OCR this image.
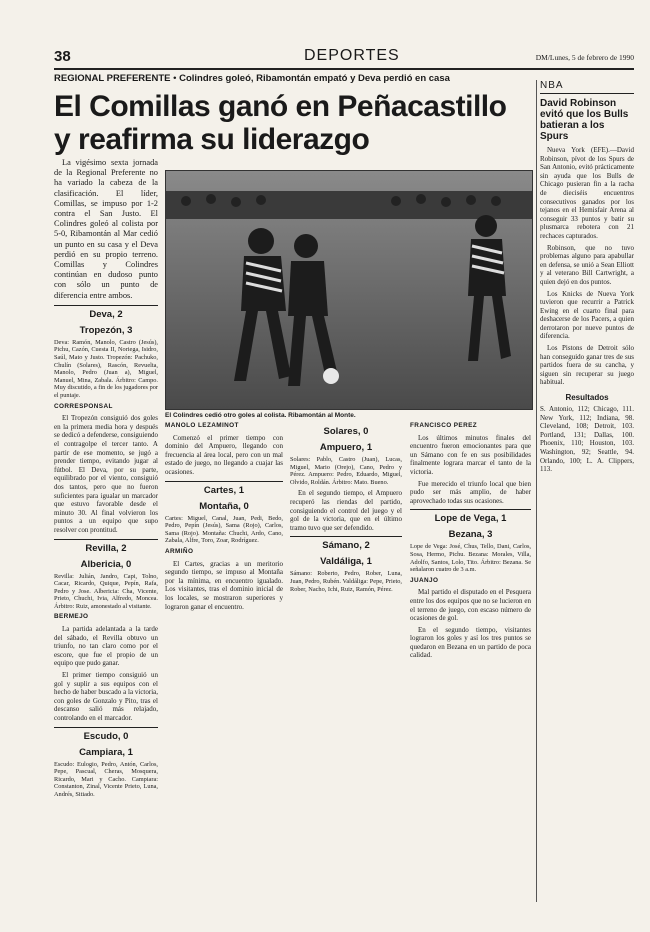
38	DEPORTES	DM/Lunes, 5 de febrero de 1990
REGIONAL PREFERENTE • Colindres goleó, Ribamontán empató y Deva perdió en casa
El Comillas ganó en Peñacastillo y reafirma su liderazgo

La vigésimo sexta jornada de la Regional Preferente no ha variado la cabeza de la clasificación. El líder, Comillas, se impuso por 1-2 contra el San Justo. El Colindres goleó al colista por 5-0, Ribamontán al Mar cedió un punto en su casa y el Deva perdió en su propio terreno. Comillas y Colindres continúan en dudoso punto con sólo un punto de diferencia entre ambos.

Deva, 2
Tropezón, 3

Deva: Ramón, Manolo, Castro (Jesús), Pichu, Cazón, Cuesta II, Noriega, Isidro, Saúl, Mato y Justo. Tropezón: Pachuko, Chulín (Solares), Rascón, Revuelta, Manolo, Pedro (Juan a), Miguel, Manuel, Mina, Zabala. Árbitro: Campo. Muy discutido, a fin de los jugadores por el puntaje.

CORRESPONSAL

El Tropezón consiguió dos goles en la primera media hora y después se dedicó a defenderse, consiguiendo el contragolpe el tercer tanto. A partir de ese momento, se jugó a prender tiempo, evitando jugar al fútbol. El Deva, por su parte, equilibrado por el viento, consiguió dos tantos, pero que no fueron suficientes para igualar un marcador que estuvo favorable desde el minuto 30. Al final volvieron los puntos a un equipo que supo resolver con prontitud.

Revilla, 2
Albericia, 0

Revilla: Julián, Jandro, Capi, Tolno, Cacar, Ricardo, Quique, Pepín, Rafa, Pedro y Jose. Albericia: Cha, Vicente, Prieto, Chuchi, Ivia, Alfredo, Moncea. Árbitro: Ruiz, amonestado al visitante.

BERMEJO

La partida adelantada a la tarde del sábado, el Revilla obtuvo un triunfo, no tan claro como por el escore, que fue el propio de un equipo que pudo ganar.

El primer tiempo consiguió un gol y suplir a sus equipos con el hecho de haber buscado a la victoria, con goles de Gonzalo y Pito, tras el descanso salió más relajado, controlando en el marcador.

Escudo, 0
Campiara, 1

Escudo: Eulogio, Pedro, Antón, Carlos, Pepe, Pascual, Cheras, Mosquera, Ricardo, Mari y Cacho. Campiara: Constanton, Zinal, Vicente Prieto, Luna, Andrés, Sitiado.

El Colindres cedió otro goles al colista. Ribamontán al Monte.

MANOLO LEZAMINOT

Comenzó el primer tiempo con dominio del Ampuero, llegando con frecuencia al área local, pero con un mal estado de juego, no llegando a cuajar las ocasiones.

Cartes, 1
Montaña, 0

Cartes: Miguel, Canal, Juan, Pedi, Bedo, Pedro, Pepín (Jesús), Sama (Rojo), Carlos, Sama (Rojo). Montaña: Chuchi, Ardo, Cano, Zabala, Alfre, Toro, Zoar, Rodríguez.

ARMIÑO

El Cartes, gracias a un meritorio segundo tiempo, se impuso al Montaña por la mínima, en encuentro igualado. Los visitantes, tras el dominio inicial de los locales, se mostraron superiores y lograron ganar el encuentro.

Solares, 0
Ampuero, 1

Solares: Pablo, Castro (Juan), Lucas, Miguel, Mario (Orejo), Cano, Pedro y Pérez. Ampuero: Pedro, Eduardo, Miguel, Olvido, Roldán. Árbitro: Mato. Bueno.

En el segundo tiempo, el Ampuero recuperó las riendas del partido, consiguiendo el control del juego y el gol de la victoria, que en el último tramo tuvo que ser defendido.

Sámano, 2
Valdáliga, 1

Sámano: Roberto, Pedro, Rober, Luna, Juan, Pedro, Rubén. Valdáliga: Pepe, Prieto, Rober, Nacho, Ichi, Ruiz, Ramón, Pérez.

FRANCISCO PEREZ

Los últimos minutos finales del encuentro fueron emocionantes para que un Sámano con fe en sus posibilidades finalmente lograra marcar el tanto de la victoria.

Fue merecido el triunfo local que bien pudo ser más amplio, de haber aprovechado todas sus ocasiones.

Lope de Vega, 1
Bezana, 3

Lope de Vega: José, Chus, Tello, Dani, Carlos, Sosa, Hermo, Pichu. Bezana: Morales, Villa, Adolfo, Santos, Lolo, Tito. Árbitro: Bezana. Se señalaron cuatro de 3 a.m.

JUANJO

Mal partido el disputado en el Pesquera entre los dos equipos que no se lucieron en el terreno de juego, con escaso número de ocasiones de gol.

En el segundo tiempo, visitantes lograron los goles y así los tres puntos se quedaron en Bezana en un partido de poca calidad.

NBA
David Robinson evitó que los Bulls batieran a los Spurs

Nueva York (EFE).—David Robinson, pívot de los Spurs de San Antonio, evitó prácticamente sin ayuda que los Bulls de Chicago pusieran fin a la racha de dieciséis encuentros consecutivos ganados por los tejanos en el Hemisfair Arena al conseguir 33 puntos y batir su plusmarca rebotera con 21 rechaces capturados.

Robinson, que no tuvo problemas alguno para apabullar en defensa, se unió a Sean Elliott y al veterano Bill Cartwright, a quien dejó en dos puntos.

Los Knicks de Nueva York tuvieron que recurrir a Patrick Ewing en el cuarto final para deshacerse de los Pacers, a quien derrotaron por nueve puntos de diferencia.

Los Pistons de Detroit sólo han conseguido ganar tres de sus partidos fuera de su cancha, y siguen sin recuperar su juego habitual.

Resultados
S. Antonio, 112; Chicago, 111. New York, 112; Indiana, 98. Cleveland, 108; Detroit, 103. Portland, 131; Dallas, 100. Phoenix, 110; Houston, 103. Washington, 92; Seattle, 94. Orlando, 100; L. A. Clippers, 113.
